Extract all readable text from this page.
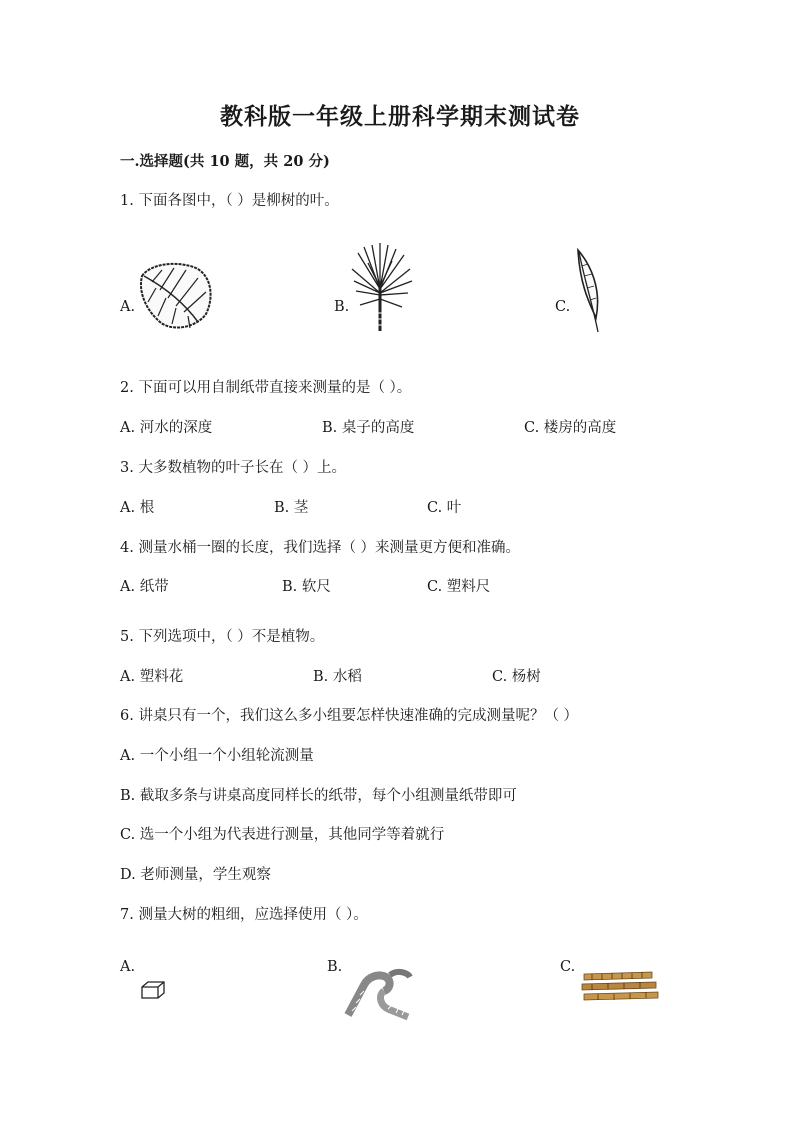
教科版一年级上册科学期末测试卷
一.选择题(共 10 题，共 20 分)
1. 下面各图中，（ ）是柳树的叶。
A.	B.	C.
2. 下面可以用自制纸带直接来测量的是（ ）。
A. 河水的深度	B. 桌子的高度	C. 楼房的高度
3. 大多数植物的叶子长在（ ）上。
A. 根	B. 茎	C. 叶
4. 测量水桶一圈的长度，我们选择（ ）来测量更方便和准确。
A. 纸带	B. 软尺	C. 塑料尺
5. 下列选项中，（ ）不是植物。
A. 塑料花	B. 水稻	C. 杨树
6. 讲桌只有一个，我们这么多小组要怎样快速准确的完成测量呢？（ ）
A. 一个小组一个小组轮流测量
B. 截取多条与讲桌高度同样长的纸带，每个小组测量纸带即可
C. 选一个小组为代表进行测量，其他同学等着就行
D. 老师测量，学生观察
7. 测量大树的粗细，应选择使用（ ）。
A.	B.	C.
